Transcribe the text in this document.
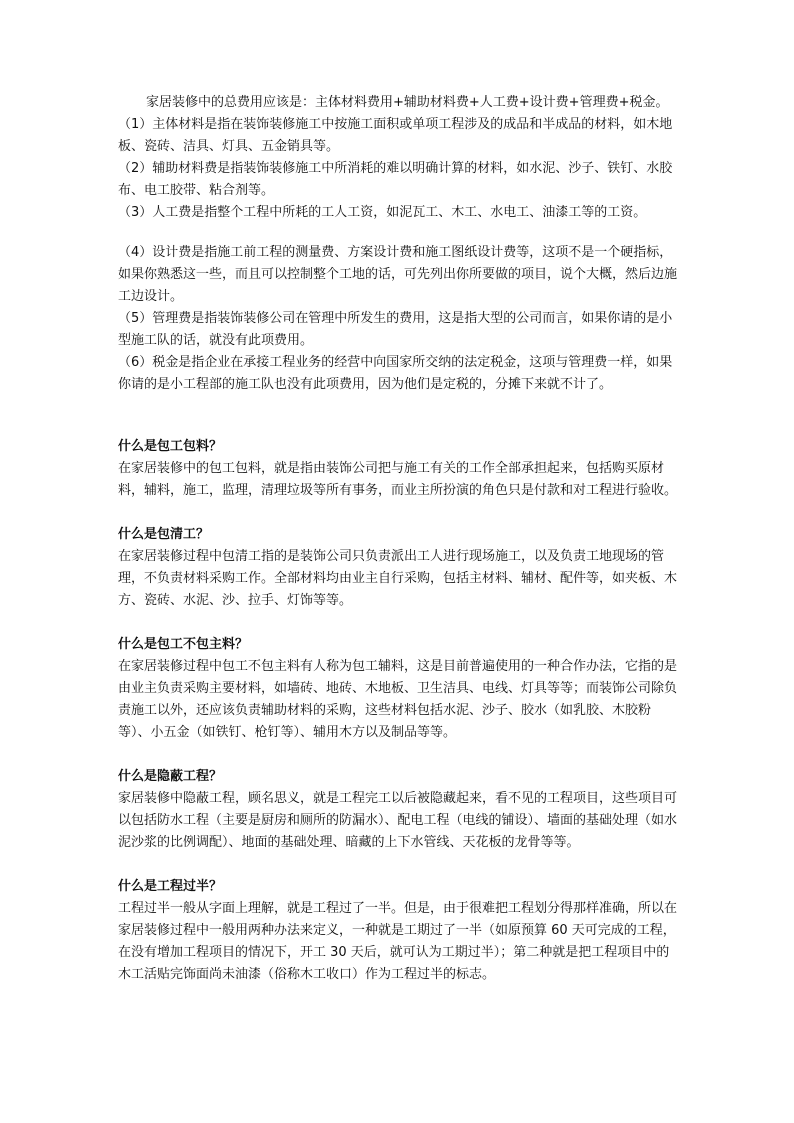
家居装修中的总费用应该是：主体材料费用+辅助材料费+人工费+设计费+管理费+税金。

（1）主体材料是指在装饰装修施工中按施工面积或单项工程涉及的成品和半成品的材料，如木地板、瓷砖、洁具、灯具、五金销具等。

（2）辅助材料费是指装饰装修施工中所消耗的难以明确计算的材料，如水泥、沙子、铁钉、水胶布、电工胶带、粘合剂等。

（3）人工费是指整个工程中所耗的工人工资，如泥瓦工、木工、水电工、油漆工等的工资。

（4）设计费是指施工前工程的测量费、方案设计费和施工图纸设计费等，这项不是一个硬指标，如果你熟悉这一些，而且可以控制整个工地的话，可先列出你所要做的项目，说个大概，然后边施工边设计。

（5）管理费是指装饰装修公司在管理中所发生的费用，这是指大型的公司而言，如果你请的是小型施工队的话，就没有此项费用。

（6）税金是指企业在承接工程业务的经营中向国家所交纳的法定税金，这项与管理费一样，如果你请的是小工程部的施工队也没有此项费用，因为他们是定税的，分摊下来就不计了。

什么是包工包料？

在家居装修中的包工包料，就是指由装饰公司把与施工有关的工作全部承担起来，包括购买原材料，辅料，施工，监理，清理垃圾等所有事务，而业主所扮演的角色只是付款和对工程进行验收。

什么是包清工？

在家居装修过程中包清工指的是装饰公司只负责派出工人进行现场施工，以及负责工地现场的管理，不负责材料采购工作。全部材料均由业主自行采购，包括主材料、辅材、配件等，如夹板、木方、瓷砖、水泥、沙、拉手、灯饰等等。

什么是包工不包主料？

在家居装修过程中包工不包主料有人称为包工辅料，这是目前普遍使用的一种合作办法，它指的是由业主负责采购主要材料，如墙砖、地砖、木地板、卫生洁具、电线、灯具等等；而装饰公司除负责施工以外，还应该负责辅助材料的采购，这些材料包括水泥、沙子、胶水（如乳胶、木胶粉等）、小五金（如铁钉、枪钉等）、辅用木方以及制品等等。

什么是隐蔽工程？

家居装修中隐蔽工程，顾名思义，就是工程完工以后被隐藏起来，看不见的工程项目，这些项目可以包括防水工程（主要是厨房和厕所的防漏水）、配电工程（电线的铺设）、墙面的基础处理（如水泥沙浆的比例调配）、地面的基础处理、暗藏的上下水管线、天花板的龙骨等等。

什么是工程过半？

工程过半一般从字面上理解，就是工程过了一半。但是，由于很难把工程划分得那样准确，所以在家居装修过程中一般用两种办法来定义，一种就是工期过了一半（如原预算 60 天可完成的工程，在没有增加工程项目的情况下，开工 30 天后，就可认为工期过半）；第二种就是把工程项目中的木工活贴完饰面尚未油漆（俗称木工收口）作为工程过半的标志。
